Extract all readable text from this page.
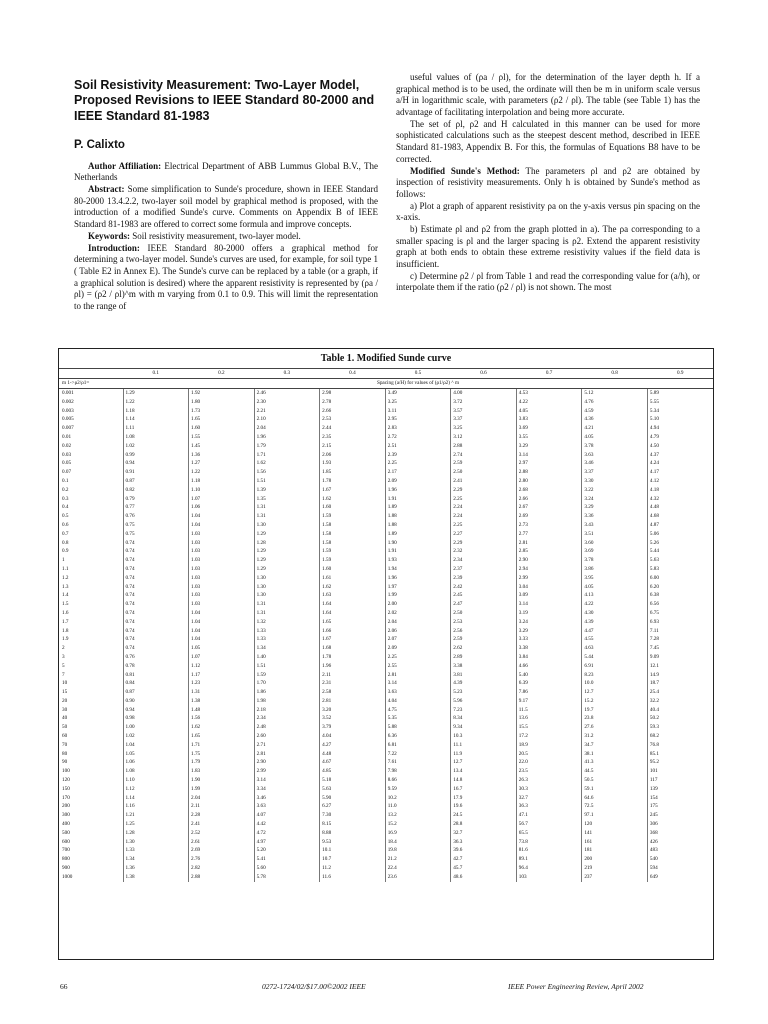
Soil Resistivity Measurement: Two-Layer Model, Proposed Revisions to IEEE Standard 80-2000 and IEEE Standard 81-1983
P. Calixto

Author Affiliation: Electrical Department of ABB Lummus Global B.V., The Netherlands

Abstract: Some simplification to Sunde's procedure, shown in IEEE Standard 80-2000 13.4.2.2, two-layer soil model by graphical method is proposed, with the introduction of a modified Sunde's curve. Comments on Appendix B of IEEE Standard 81-1983 are offered to correct some formula and improve concepts.

Keywords: Soil resistivity measurement, two-layer model.

Introduction: IEEE Standard 80-2000 offers a graphical method for determining a two-layer model. Sunde's curves are used, for example, for soil type 1 ( Table E2 in Annex E). The Sunde's curve can be replaced by a table (or a graph, if a graphical solution is desired) where the apparent resistivity is represented by (ρa / ρl) = (ρ2 / ρl)^m with m varying from 0.1 to 0.9. This will limit the representation to the range of

useful values of (ρa / ρl), for the determination of the layer depth h. If a graphical method is to be used, the ordinate will then be m in uniform scale versus a/H in logarithmic scale, with parameters (ρ2 / ρl). The table (see Table 1) has the advantage of facilitating interpolation and being more accurate.

The set of ρl, ρ2 and H calculated in this manner can be used for more sophisticated calculations such as the steepest descent method, described in IEEE Standard 81-1983, Appendix B. For this, the formulas of Equations B8 have to be corrected.

Modified Sunde's Method: The parameters ρl and ρ2 are obtained by inspection of resistivity measurements. Only h is obtained by Sunde's method as follows:

a) Plot a graph of apparent resistivity ρa on the y-axis versus pin spacing on the x-axis.

b) Estimate ρl and ρ2 from the graph plotted in a). The ρa corresponding to a smaller spacing is ρl and the larger spacing is ρ2. Extend the apparent resistivity graph at both ends to obtain these extreme resistivity values if the field data is insufficient.

c) Determine ρ2 / ρl from Table 1 and read the corresponding value for (a/h), or interpolate them if the ratio (ρ2 / ρl) is not shown. The most

Table 1. Modified Sunde curve
	0.1	0.2	0.3	0.4	0.5	0.6	0.7	0.8	0.9
m 1->ρ2/ρ1=	Spacing (a/H) for values of (ρ1/ρ2) ^ m								
0.001	1.29	1.92	2.46	2.98	3.49	4.00	4.53	5.12	5.89
0.002	1.22	1.80	2.30	2.78	3.25	3.72	4.22	4.76	5.55
0.003	1.18	1.73	2.21	2.66	3.11	3.57	4.05	4.59	5.34
0.005	1.14	1.65	2.10	2.53	2.95	3.37	3.83	4.36	5.10
0.007	1.11	1.60	2.04	2.44	2.83	3.25	3.69	4.21	4.94
0.01	1.08	1.55	1.96	2.35	2.72	3.12	3.55	4.05	4.79
0.02	1.02	1.45	1.79	2.15	2.51	2.88	3.29	3.78	4.50
0.03	0.99	1.36	1.71	2.06	2.39	2.74	3.14	3.63	4.37
0.05	0.94	1.27	1.62	1.93	2.25	2.59	2.97	3.46	4.24
0.07	0.91	1.22	1.56	1.85	2.17	2.50	2.88	3.37	4.17
0.1	0.87	1.18	1.51	1.78	2.09	2.41	2.80	3.30	4.12
0.2	0.82	1.10	1.39	1.67	1.96	2.29	2.68	3.22	4.18
0.3	0.79	1.07	1.35	1.62	1.91	2.25	2.66	3.24	4.32
0.4	0.77	1.06	1.31	1.60	1.89	2.24	2.67	3.29	4.48
0.5	0.76	1.04	1.31	1.59	1.88	2.24	2.69	3.36	4.68
0.6	0.75	1.04	1.30	1.58	1.88	2.25	2.73	3.43	4.87
0.7	0.75	1.03	1.29	1.58	1.89	2.27	2.77	3.51	5.06
0.8	0.74	1.03	1.28	1.58	1.90	2.29	2.81	3.60	5.26
0.9	0.74	1.03	1.29	1.59	1.91	2.32	2.85	3.69	5.44
1	0.74	1.03	1.29	1.59	1.93	2.34	2.90	3.78	5.63
1.1	0.74	1.03	1.29	1.60	1.94	2.37	2.94	3.86	5.83
1.2	0.74	1.03	1.30	1.61	1.96	2.39	2.99	3.95	6.00
1.3	0.74	1.03	1.30	1.62	1.97	2.42	3.04	4.05	6.20
1.4	0.74	1.03	1.30	1.63	1.99	2.45	3.09	4.13	6.38
1.5	0.74	1.03	1.31	1.64	2.00	2.47	3.14	4.22	6.56
1.6	0.74	1.04	1.31	1.64	2.02	2.50	3.19	4.30	6.75
1.7	0.74	1.04	1.32	1.65	2.04	2.53	3.24	4.39	6.93
1.8	0.74	1.04	1.33	1.66	2.06	2.56	3.29	4.47	7.11
1.9	0.74	1.04	1.33	1.67	2.07	2.59	3.33	4.55	7.28
2	0.74	1.05	1.34	1.68	2.09	2.62	3.38	4.63	7.45
3	0.76	1.07	1.40	1.78	2.25	2.89	3.84	5.44	9.09
5	0.78	1.12	1.51	1.96	2.55	3.38	4.66	6.91	12.1
7	0.81	1.17	1.59	2.11	2.81	3.81	5.40	8.23	14.9
10	0.84	1.23	1.70	2.31	3.14	4.39	6.39	10.0	18.7
15	0.87	1.31	1.86	2.58	3.63	5.23	7.86	12.7	25.4
20	0.90	1.38	1.98	2.81	4.04	5.96	9.17	15.2	32.2
30	0.94	1.48	2.18	3.20	4.75	7.23	11.5	19.7	40.4
40	0.98	1.56	2.34	3.52	5.35	8.34	13.6	23.8	50.2
50	1.00	1.62	2.48	3.79	5.88	9.34	15.5	27.6	59.3
60	1.02	1.65	2.60	4.04	6.36	10.3	17.2	31.2	68.2
70	1.04	1.71	2.71	4.27	6.81	11.1	18.9	34.7	76.8
80	1.05	1.75	2.81	4.48	7.22	11.9	20.5	38.1	85.1
90	1.06	1.79	2.90	4.67	7.61	12.7	22.0	41.3	95.2
100	1.08	1.83	2.99	4.85	7.98	13.4	23.5	44.5	101
120	1.10	1.90	3.14	5.18	8.66	14.8	26.3	50.5	117
150	1.12	1.99	3.34	5.63	9.59	16.7	30.3	59.1	139
170	1.14	2.04	3.46	5.90	10.2	17.9	32.7	64.6	154
200	1.16	2.11	3.63	6.27	11.0	19.6	36.3	72.5	175
300	1.21	2.28	4.07	7.30	13.2	24.5	47.1	97.1	245
400	1.25	2.41	4.42	8.15	15.2	28.8	56.7	120	306
500	1.28	2.52	4.72	8.88	16.9	32.7	65.5	141	368
600	1.30	2.61	4.97	9.53	18.4	36.3	73.8	161	426
700	1.33	2.69	5.20	10.1	19.8	39.6	81.6	181	483
800	1.34	2.76	5.41	10.7	21.2	42.7	89.1	200	540
900	1.36	2.82	5.60	11.2	22.4	45.7	96.4	219	594
1000	1.38	2.88	5.78	11.6	23.6	48.6	103	237	649
66	0272-1724/02/$17.00©2002 IEEE	IEEE Power Engineering Review, April 2002
